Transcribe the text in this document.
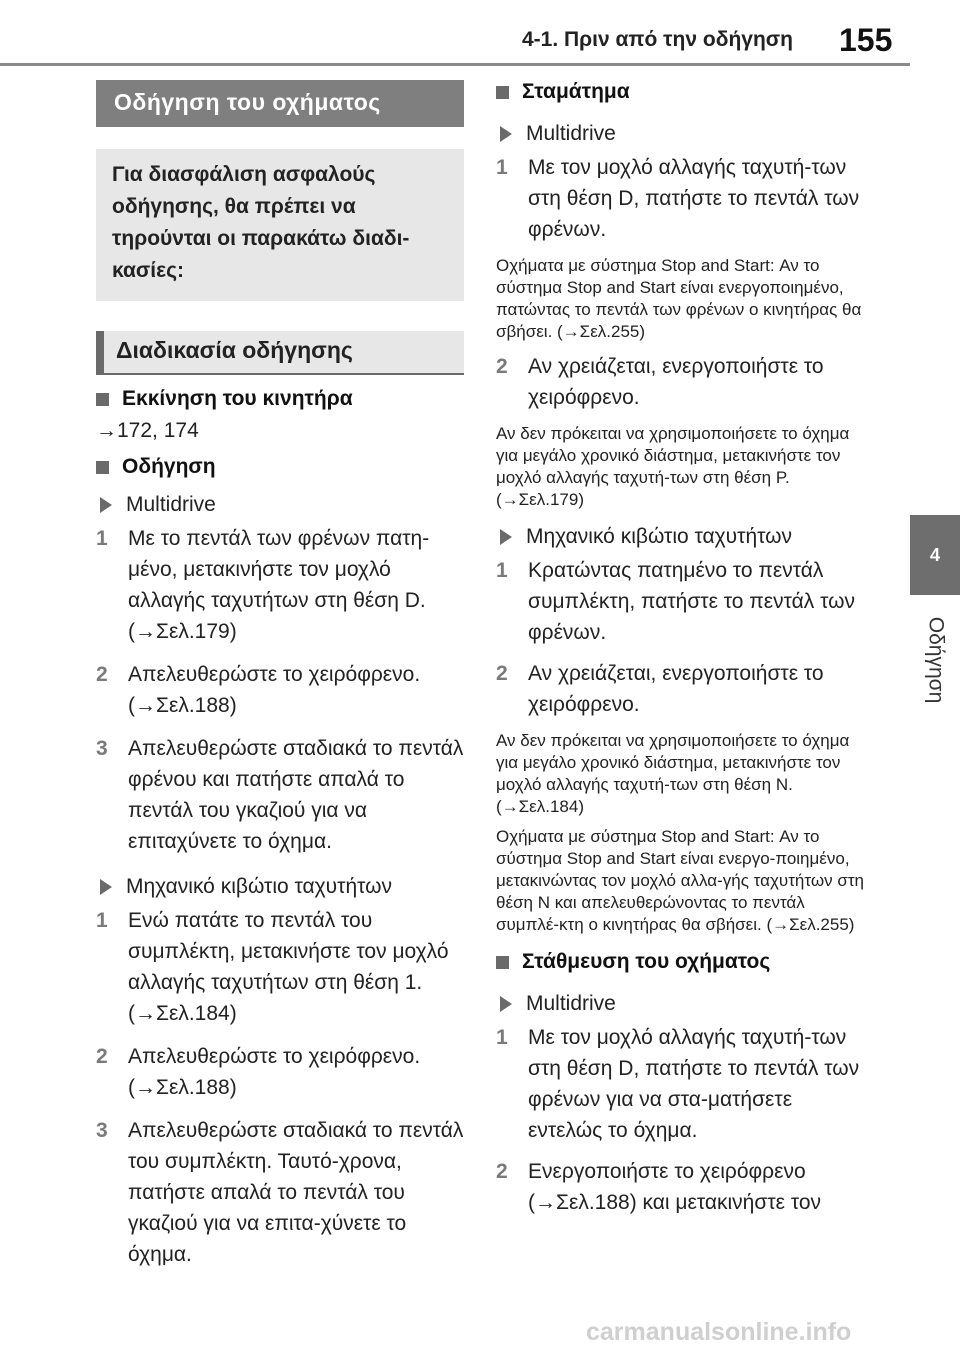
4-1. Πριν από την οδήγηση 155
4
Οδήγηση
Οδήγηση του οχήματος
Για διασφάλιση ασφαλούς οδήγησης, θα πρέπει να τηρούνται οι παρακάτω διαδι-κασίες:
Διαδικασία οδήγησης
Εκκίνηση του κινητήρα
→172, 174
Οδήγηση
Multidrive
1 Με το πεντάλ των φρένων πατη-μένο, μετακινήστε τον μοχλό αλλαγής ταχυτήτων στη θέση D. (→Σελ.179)
2 Απελευθερώστε το χειρόφρενο. (→Σελ.188)
3 Απελευθερώστε σταδιακά το πεντάλ φρένου και πατήστε απαλά το πεντάλ του γκαζιού για να επιταχύνετε το όχημα.
Μηχανικό κιβώτιο ταχυτήτων
1 Ενώ πατάτε το πεντάλ του συμπλέκτη, μετακινήστε τον μοχλό αλλαγής ταχυτήτων στη θέση 1. (→Σελ.184)
2 Απελευθερώστε το χειρόφρενο. (→Σελ.188)
3 Απελευθερώστε σταδιακά το πεντάλ του συμπλέκτη. Ταυτό-χρονα, πατήστε απαλά το πεντάλ του γκαζιού για να επιτα-χύνετε το όχημα.
Σταμάτημα
Multidrive
1 Με τον μοχλό αλλαγής ταχυτή-των στη θέση D, πατήστε το πεντάλ των φρένων.
Οχήματα με σύστημα Stop and Start: Αν το σύστημα Stop and Start είναι ενεργοποιημένο, πατώντας το πεντάλ των φρένων ο κινητήρας θα σβήσει. (→Σελ.255)
2 Αν χρειάζεται, ενεργοποιήστε το χειρόφρενο.
Αν δεν πρόκειται να χρησιμοποιήσετε το όχημα για μεγάλο χρονικό διάστημα, μετακινήστε τον μοχλό αλλαγής ταχυτή-των στη θέση P. (→Σελ.179)
Μηχανικό κιβώτιο ταχυτήτων
1 Κρατώντας πατημένο το πεντάλ συμπλέκτη, πατήστε το πεντάλ των φρένων.
2 Αν χρειάζεται, ενεργοποιήστε το χειρόφρενο.
Αν δεν πρόκειται να χρησιμοποιήσετε το όχημα για μεγάλο χρονικό διάστημα, μετακινήστε τον μοχλό αλλαγής ταχυτή-των στη θέση N. (→Σελ.184)
Οχήματα με σύστημα Stop and Start: Αν το σύστημα Stop and Start είναι ενεργο-ποιημένο, μετακινώντας τον μοχλό αλλα-γής ταχυτήτων στη θέση N και απελευθερώνοντας το πεντάλ συμπλέ-κτη ο κινητήρας θα σβήσει. (→Σελ.255)
Στάθμευση του οχήματος
Multidrive
1 Με τον μοχλό αλλαγής ταχυτή-των στη θέση D, πατήστε το πεντάλ των φρένων για να στα-ματήσετε εντελώς το όχημα.
2 Ενεργοποιήστε το χειρόφρενο (→Σελ.188) και μετακινήστε τον
carmanualsonline.info
